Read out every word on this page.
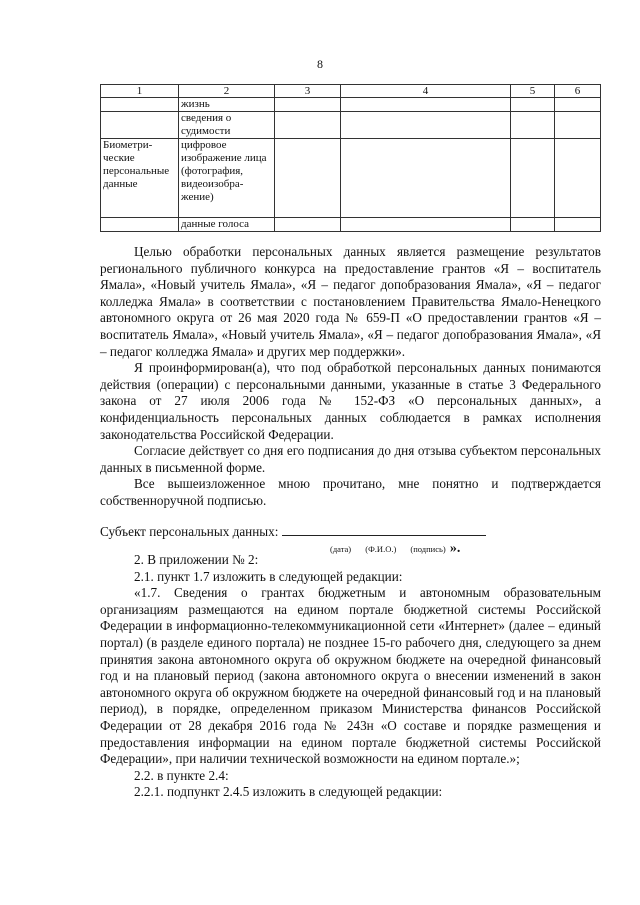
8
1	2	3	4	5	6
	жизнь				
	сведения о судимости				
Биометри-ческие персональные данные	цифровое изображение лица (фотография, видеоизобра-жение)				
	данные голоса				

Целью обработки персональных данных является размещение результатов регионального публичного конкурса на предоставление грантов «Я – воспитатель Ямала», «Новый учитель Ямала», «Я – педагог допобразования Ямала», «Я – педагог колледжа Ямала» в соответствии с постановлением Правительства Ямало-Ненецкого автономного округа от 26 мая 2020 года № 659-П «О предоставлении грантов «Я – воспитатель Ямала», «Новый учитель Ямала», «Я – педагог допобразования Ямала», «Я – педагог колледжа Ямала» и других мер поддержки».

Я проинформирован(а), что под обработкой персональных данных понимаются действия (операции) с персональными данными, указанные в статье 3 Федерального закона от 27 июля 2006 года № 152-ФЗ «О персональных данных», а конфиденциальность персональных данных соблюдается в рамках исполнения законодательства Российской Федерации.

Согласие действует со дня его подписания до дня отзыва субъектом персональных данных в письменной форме.

Все вышеизложенное мною прочитано, мне понятно и подтверждается собственноручной подписью.

Субъект персональных данных:
(дата) (Ф.И.О.) (подпись) ».

2. В приложении № 2:

2.1. пункт 1.7 изложить в следующей редакции:

«1.7. Сведения о грантах бюджетным и автономным образовательным организациям размещаются на едином портале бюджетной системы Российской Федерации в информационно-телекоммуникационной сети «Интернет» (далее – единый портал) (в разделе единого портала) не позднее 15-го рабочего дня, следующего за днем принятия закона автономного округа об окружном бюджете на очередной финансовый год и на плановый период (закона автономного округа о внесении изменений в закон автономного округа об окружном бюджете на очередной финансовый год и на плановый период), в порядке, определенном приказом Министерства финансов Российской Федерации от 28 декабря 2016 года № 243н «О составе и порядке размещения и предоставления информации на едином портале бюджетной системы Российской Федерации», при наличии технической возможности на едином портале.»;

2.2. в пункте 2.4:

2.2.1. подпункт 2.4.5 изложить в следующей редакции:
